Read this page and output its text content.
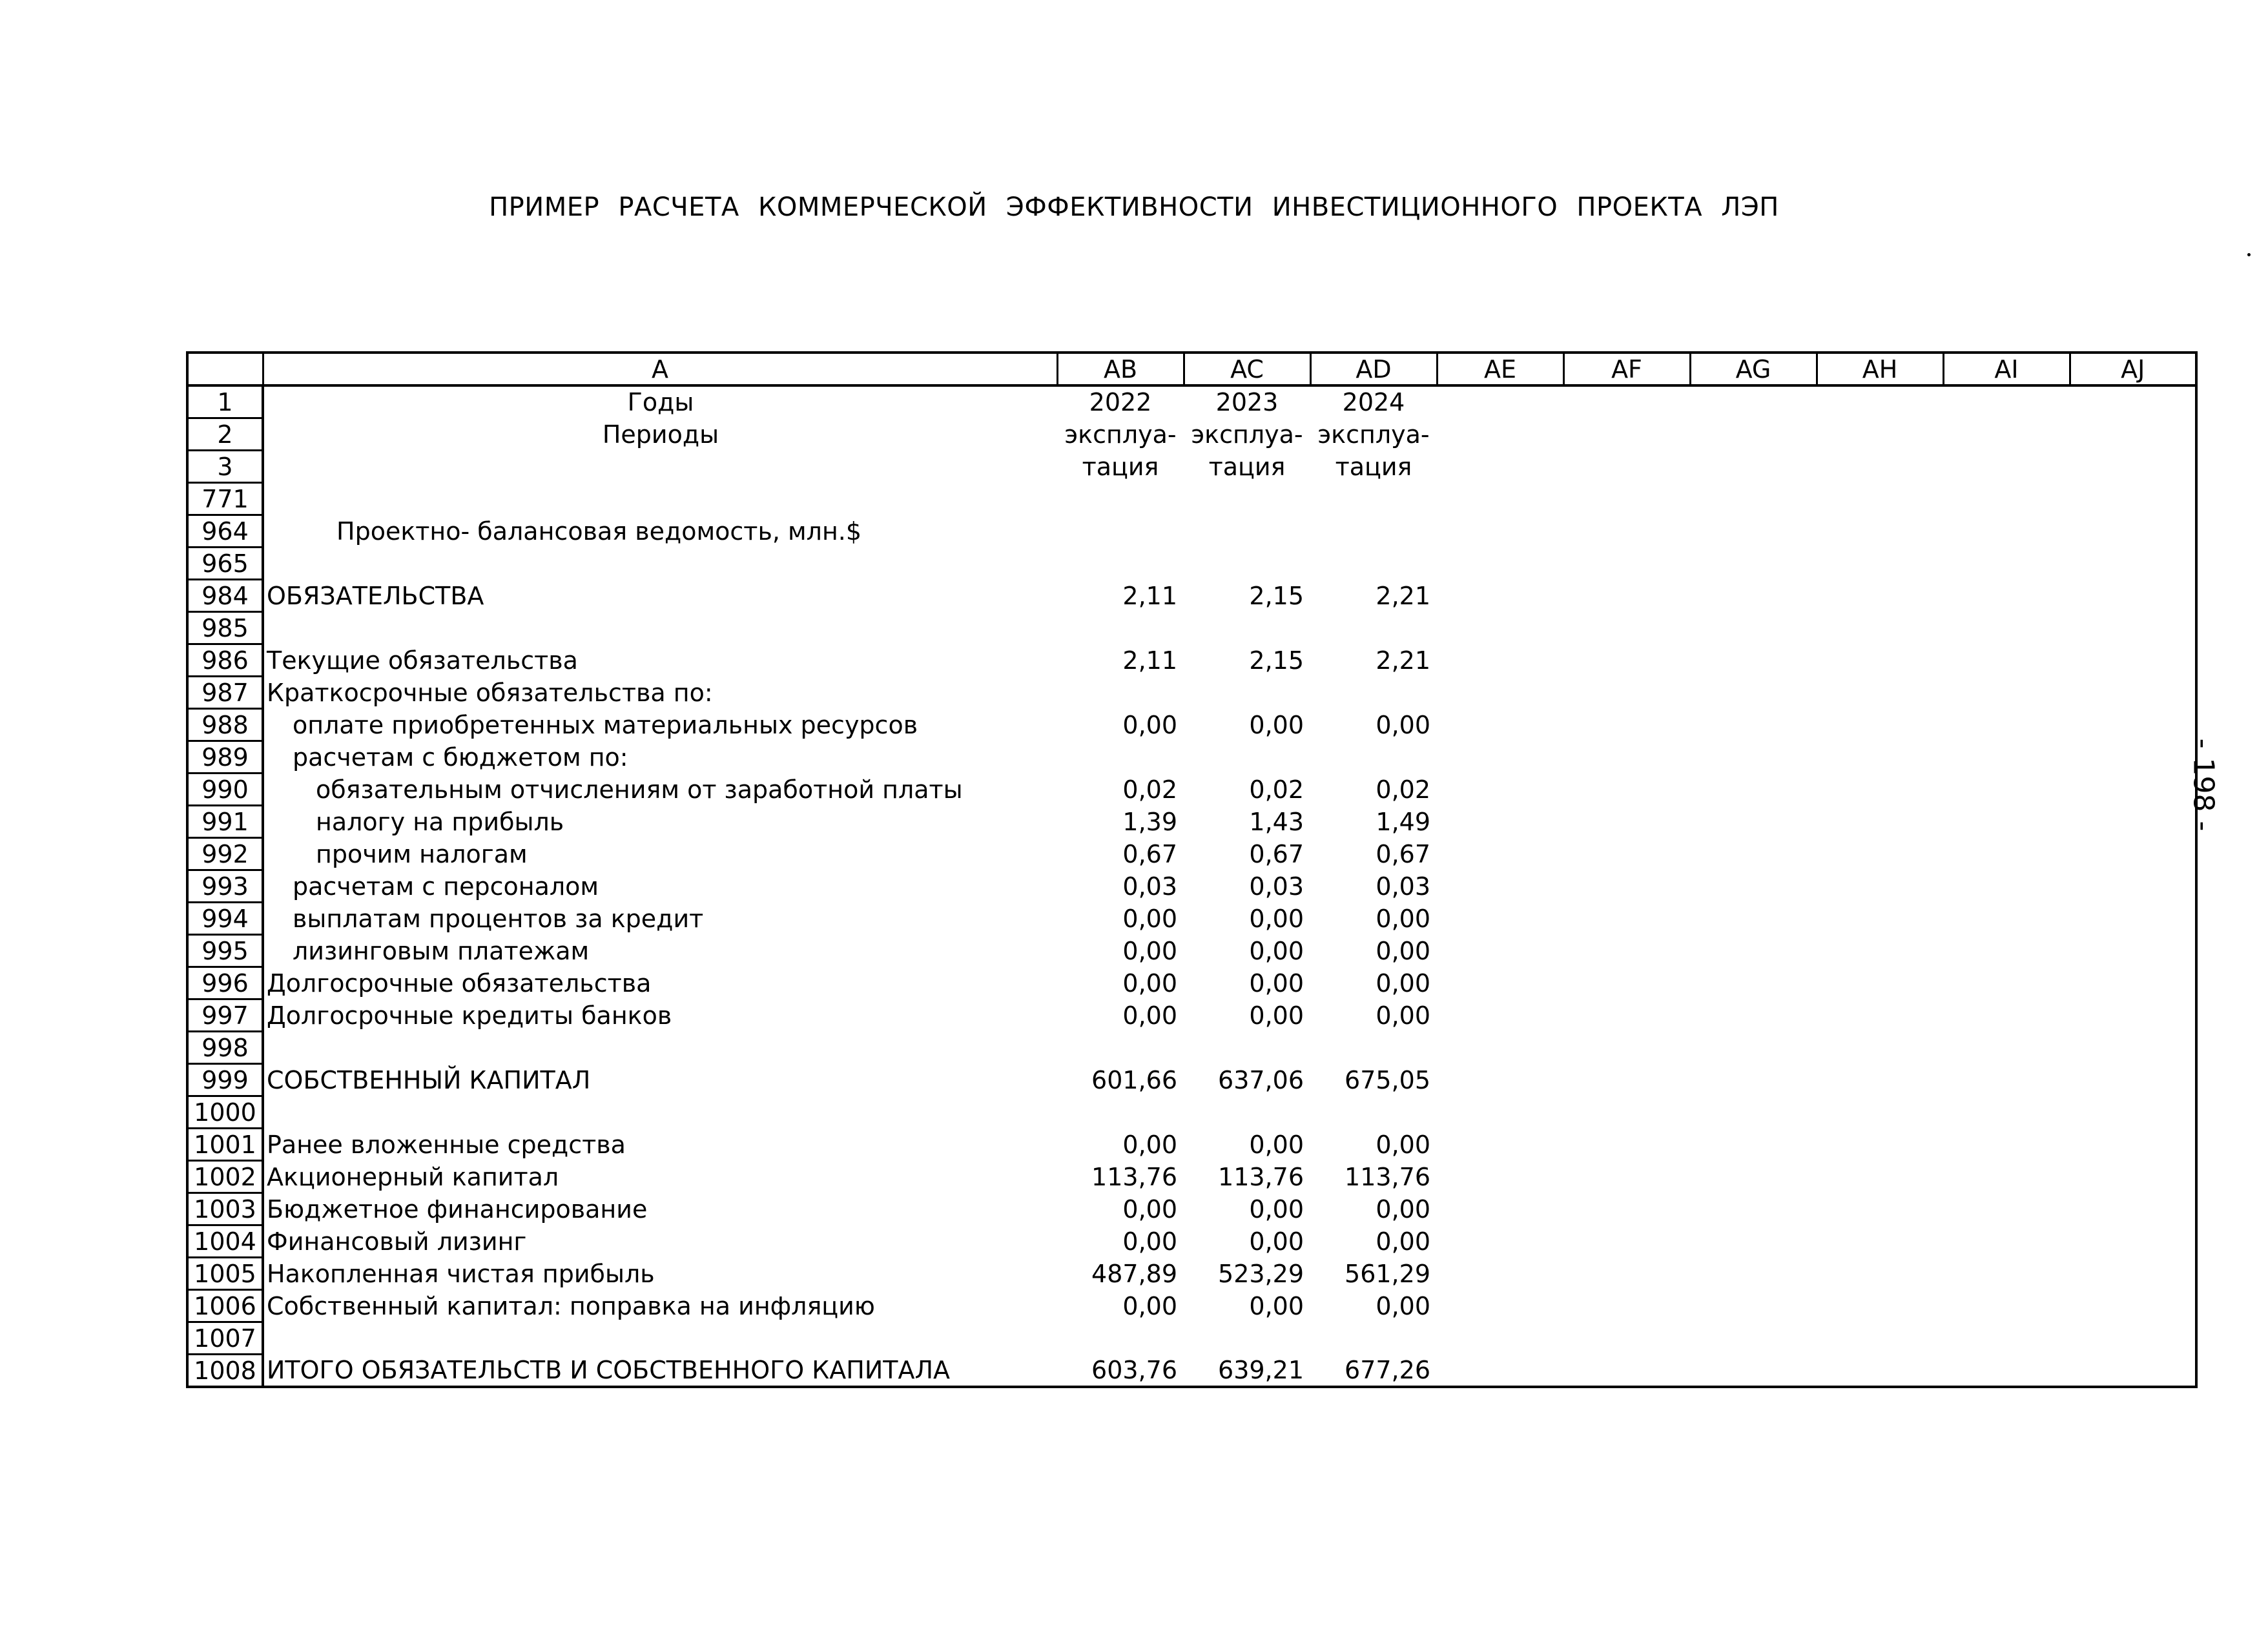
ПРИМЕР РАСЧЕТА КОММЕРЧЕСКОЙ ЭФФЕКТИВНОСТИ ИНВЕСТИЦИОННОГО ПРОЕКТА ЛЭП
- 198 -
	A	AB	AC	AD	AE	AF	AG	AH	AI	AJ
1	Годы	2022	2023	2024						
2	Периоды	эксплуа-	эксплуа-	эксплуа-						
3		тация	тация	тация						
771										
964	Проектно- балансовая ведомость, млн.$									
965										
984	ОБЯЗАТЕЛЬСТВА	2,11	2,15	2,21						
985										
986	Текущие обязательства	2,11	2,15	2,21						
987	Краткосрочные обязательства по:									
988	оплате приобретенных материальных ресурсов	0,00	0,00	0,00						
989	расчетам с бюджетом по:									
990	обязательным отчислениям от заработной платы	0,02	0,02	0,02						
991	налогу на прибыль	1,39	1,43	1,49						
992	прочим налогам	0,67	0,67	0,67						
993	расчетам с персоналом	0,03	0,03	0,03						
994	выплатам процентов за кредит	0,00	0,00	0,00						
995	лизинговым платежам	0,00	0,00	0,00						
996	Долгосрочные обязательства	0,00	0,00	0,00						
997	Долгосрочные кредиты банков	0,00	0,00	0,00						
998										
999	СОБСТВЕННЫЙ КАПИТАЛ	601,66	637,06	675,05						
1000										
1001	Ранее вложенные средства	0,00	0,00	0,00						
1002	Акционерный капитал	113,76	113,76	113,76						
1003	Бюджетное финансирование	0,00	0,00	0,00						
1004	Финансовый лизинг	0,00	0,00	0,00						
1005	Накопленная чистая прибыль	487,89	523,29	561,29						
1006	Собственный капитал: поправка на инфляцию	0,00	0,00	0,00						
1007										
1008	ИТОГО ОБЯЗАТЕЛЬСТВ И СОБСТВЕННОГО КАПИТАЛА	603,76	639,21	677,26						
